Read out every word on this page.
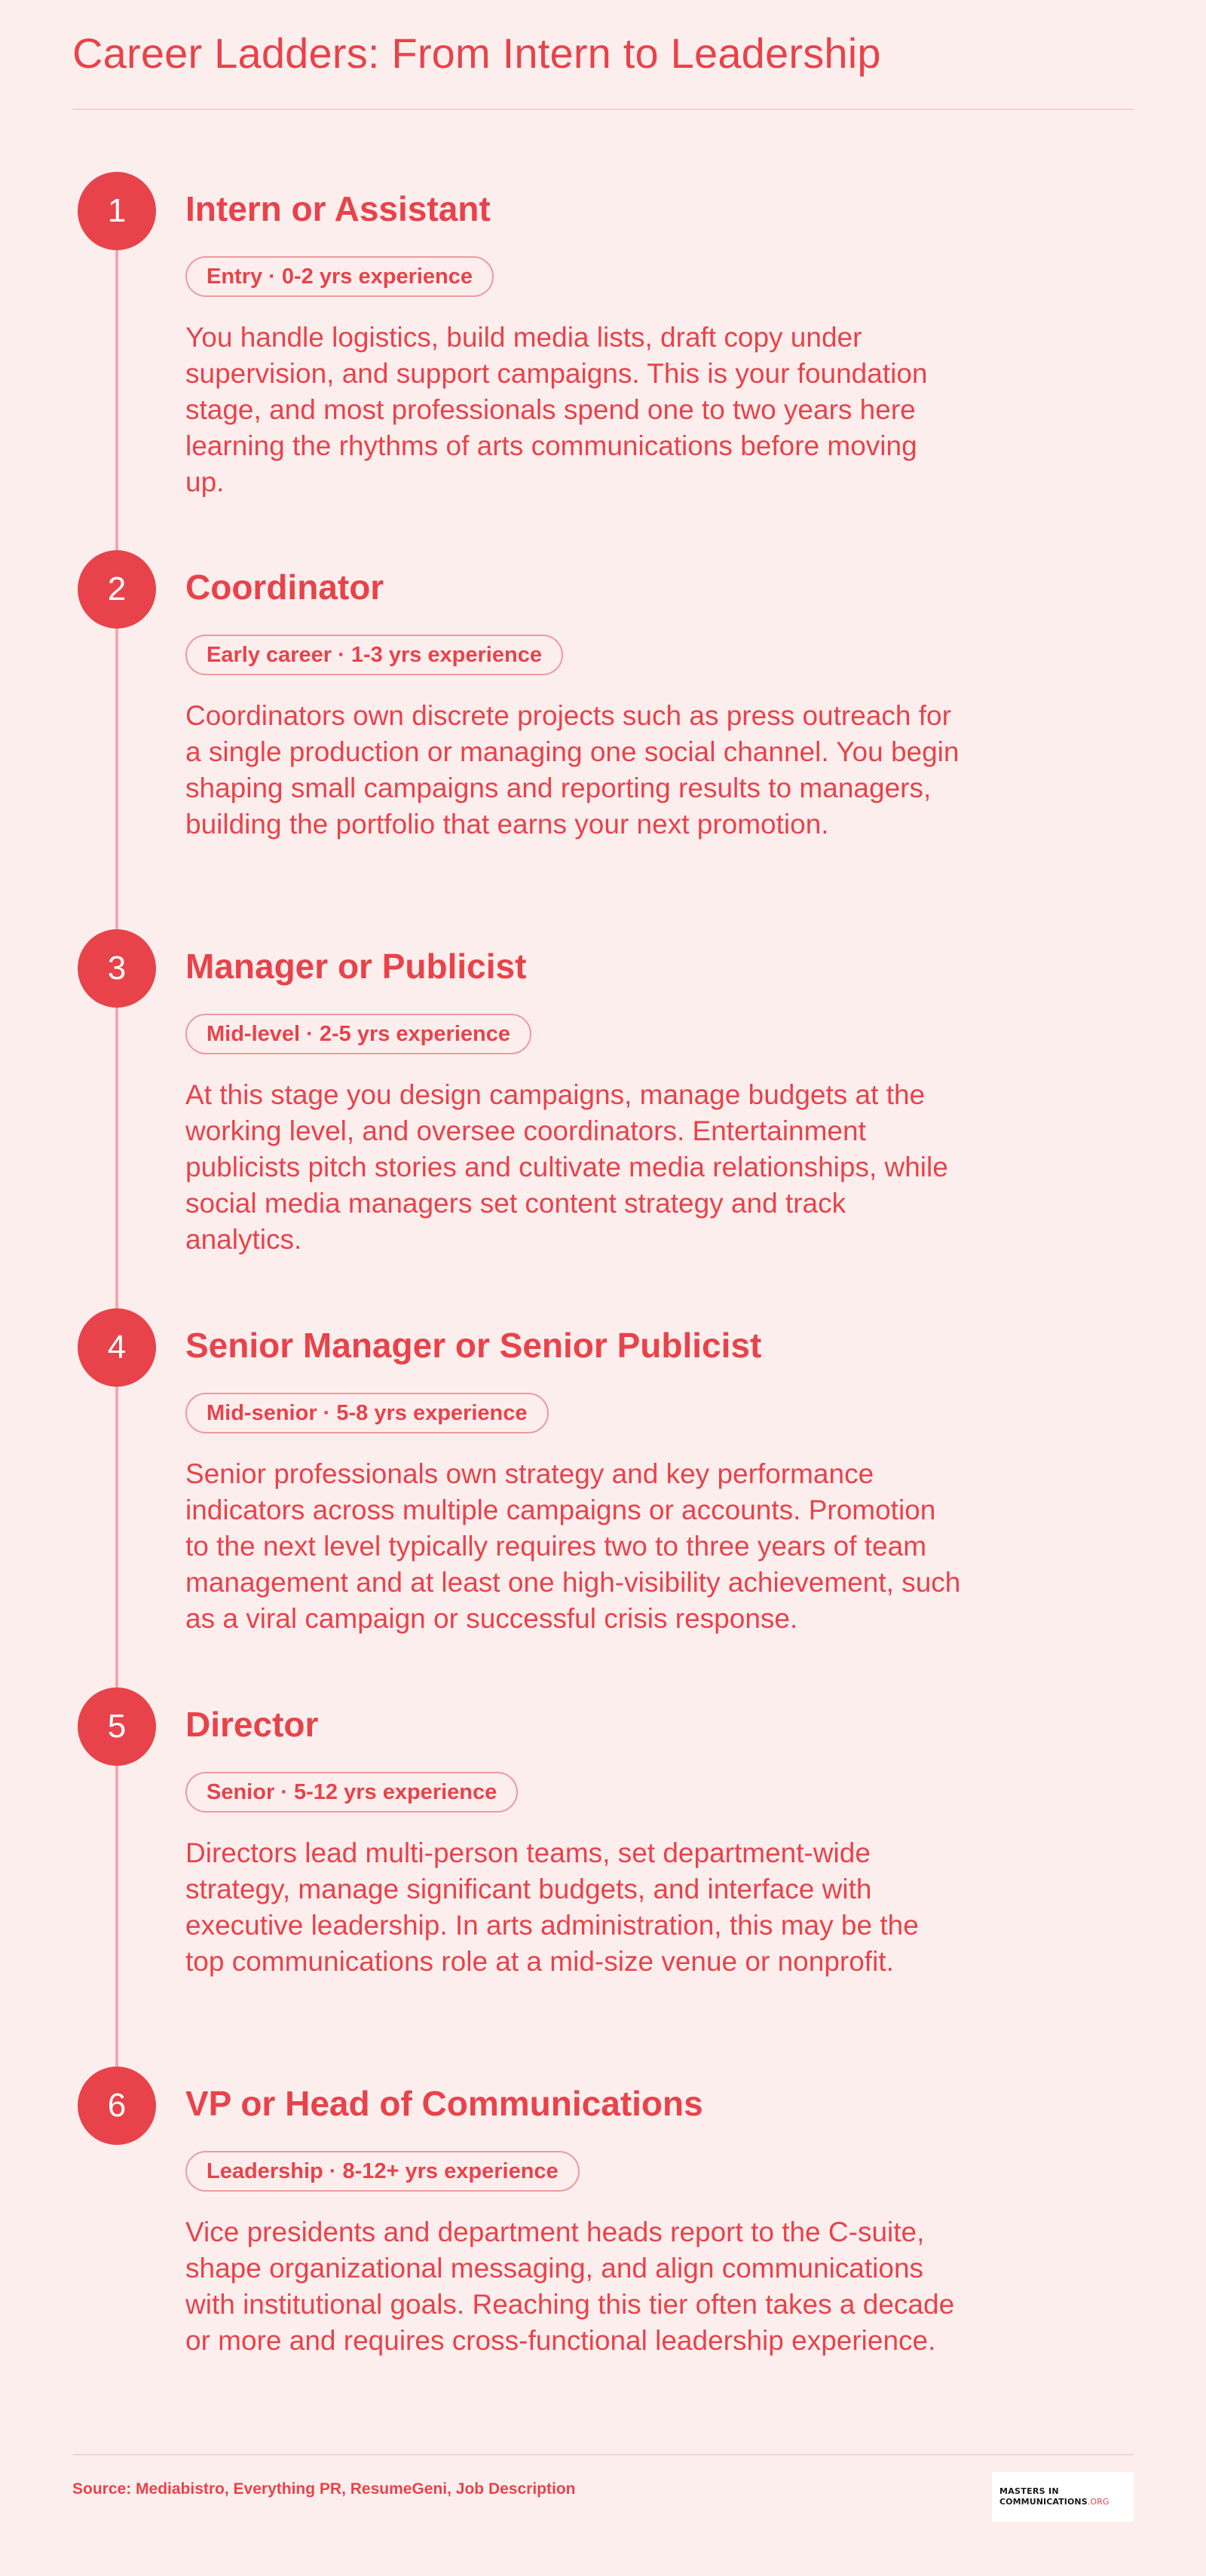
Career Ladders: From Intern to Leadership
1	Intern or Assistant
Entry · 0-2 yrs experience
You handle logistics, build media lists, draft copy under supervision, and support campaigns. This is your foundation stage, and most professionals spend one to two years here learning the rhythms of arts communications before moving up.
2	Coordinator
Early career · 1-3 yrs experience
Coordinators own discrete projects such as press outreach for a single production or managing one social channel. You begin shaping small campaigns and reporting results to managers, building the portfolio that earns your next promotion.
3	Manager or Publicist
Mid-level · 2-5 yrs experience
At this stage you design campaigns, manage budgets at the working level, and oversee coordinators. Entertainment publicists pitch stories and cultivate media relationships, while social media managers set content strategy and track analytics.
4	Senior Manager or Senior Publicist
Mid-senior · 5-8 yrs experience
Senior professionals own strategy and key performance indicators across multiple campaigns or accounts. Promotion to the next level typically requires two to three years of team management and at least one high-visibility achievement, such as a viral campaign or successful crisis response.
5	Director
Senior · 5-12 yrs experience
Directors lead multi-person teams, set department-wide strategy, manage significant budgets, and interface with executive leadership. In arts administration, this may be the top communications role at a mid-size venue or nonprofit.
6	VP or Head of Communications
Leadership · 8-12+ yrs experience
Vice presidents and department heads report to the C-suite, shape organizational messaging, and align communications with institutional goals. Reaching this tier often takes a decade or more and requires cross-functional leadership experience.
Source: Mediabistro, Everything PR, ResumeGeni, Job Description	MASTERS IN
COMMUNICATIONS.ORG
